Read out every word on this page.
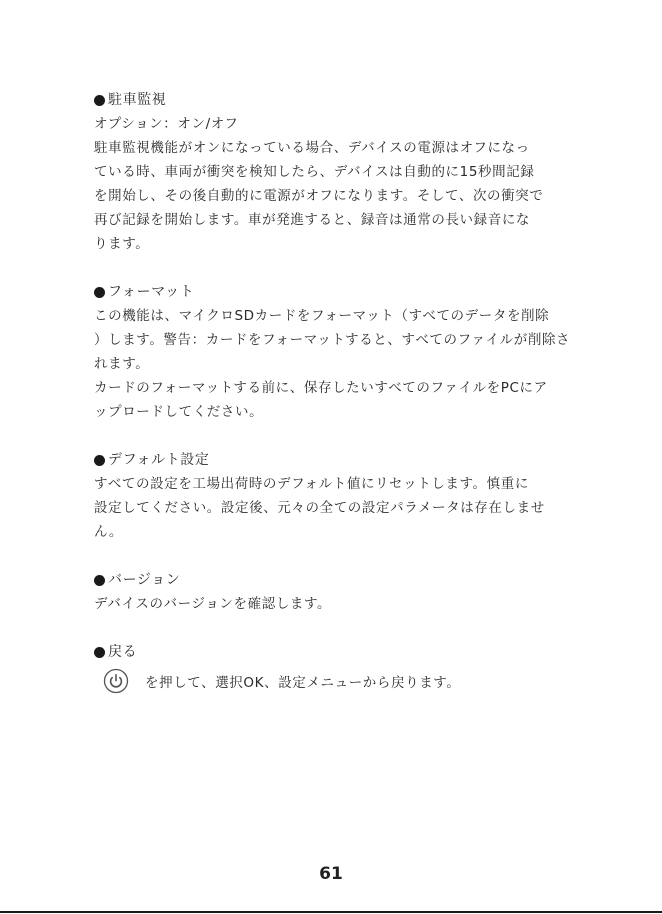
駐車監視

オプション：オン/オフ

駐車監視機能がオンになっている場合、デバイスの電源はオフになっ

ている時、車両が衝突を検知したら、デバイスは自動的に15秒間記録

を開始し、その後自動的に電源がオフになります。そして、次の衝突で

再び記録を開始します。車が発進すると、録音は通常の長い録音にな

ります。

フォーマット

この機能は、マイクロSDカードをフォーマット（すべてのデータを削除

）します。警告：カードをフォーマットすると、すべてのファイルが削除さ

れます。

カードのフォーマットする前に、保存したいすべてのファイルをPCにア

ップロードしてください。

デフォルト設定

すべての設定を工場出荷時のデフォルト値にリセットします。慎重に

設定してください。設定後、元々の全ての設定パラメータは存在しませ

ん。

バージョン

デバイスのバージョンを確認します。

戻る
を押して、選択OK、設定メニューから戻ります。
61
